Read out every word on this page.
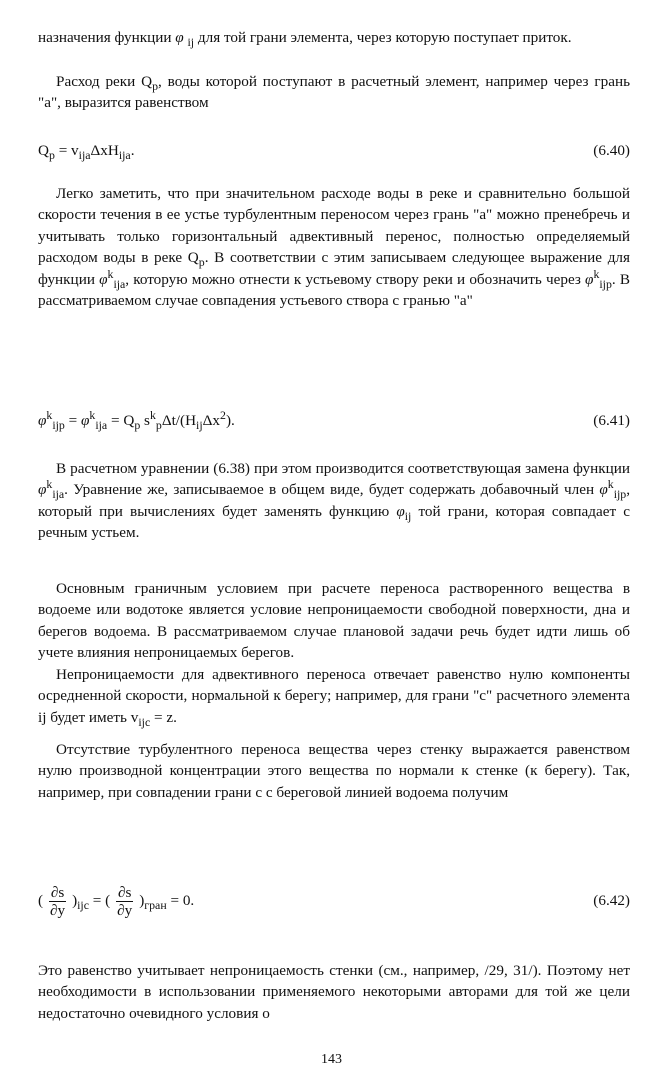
назначения функции φ $_{ij}$ для той грани элемента, через которую поступает приток.
Расход реки $Q_p$, воды которой поступают в расчетный элемент, например через грань "a", выразится равенством
$Q_p = v_{ija}\Delta xH_{ija}$.	(6.40)
Легко заметить, что при значительном расходе воды в реке и сравнительно большой скорости течения в ее устье турбулентным переносом через грань "a" можно пренебречь и учитывать только горизонтальный адвективный перенос, полностью определяемый расходом воды в реке $Q_p$. В соответствии с этим записываем следующее выражение для функции $\varphi^k_{ija}$, которую можно отнести к устьевому створу реки и обозначить через $\varphi^k_{ijp}$. В рассматриваемом случае совпадения устьевого створа с гранью "a"
$\varphi^k_{ijp} = \varphi^k_{ija} = Q_p$ $s^k_p\Delta t/(H_{ij}\Delta x^2)$.	(6.41)
В расчетном уравнении (6.38) при этом производится соответствующая замена функции $\varphi^k_{ija}$. Уравнение же, записываемое в общем виде, будет содержать добавочный член $\varphi^k_{ijp}$, который при вычислениях будет заменять функцию $\varphi_{ij}$ той грани, которая совпадает с речным устьем.
Основным граничным условием при расчете переноса растворенного вещества в водоеме или водотоке является условие непроницаемости свободной поверхности, дна и берегов водоема. В рассматриваемом случае плановой задачи речь будет идти лишь об учете влияния непроницаемых берегов.
Непроницаемости для адвективного переноса отвечает равенство нулю компоненты осредненной скорости, нормальной к берегу; например, для грани "c" расчетного элемента ij будет иметь $v_{ijc} = z$.
Отсутствие турбулентного переноса вещества через стенку выражается равенством нулю производной концентрации этого вещества по нормали к стенке (к берегу). Так, например, при совпадении грани c с береговой линией водоема получим
( $\frac{\partial s}{\partial y} )_{ijc}$ = ( $\frac{\partial s}{\partial y} )_{гран} = 0$.	(6.42)
Это равенство учитывает непроницаемость стенки (см., например, /29, 31/). Поэтому нет необходимости в использовании применяемого некоторыми авторами для той же цели недостаточно очевидного условия о
143
